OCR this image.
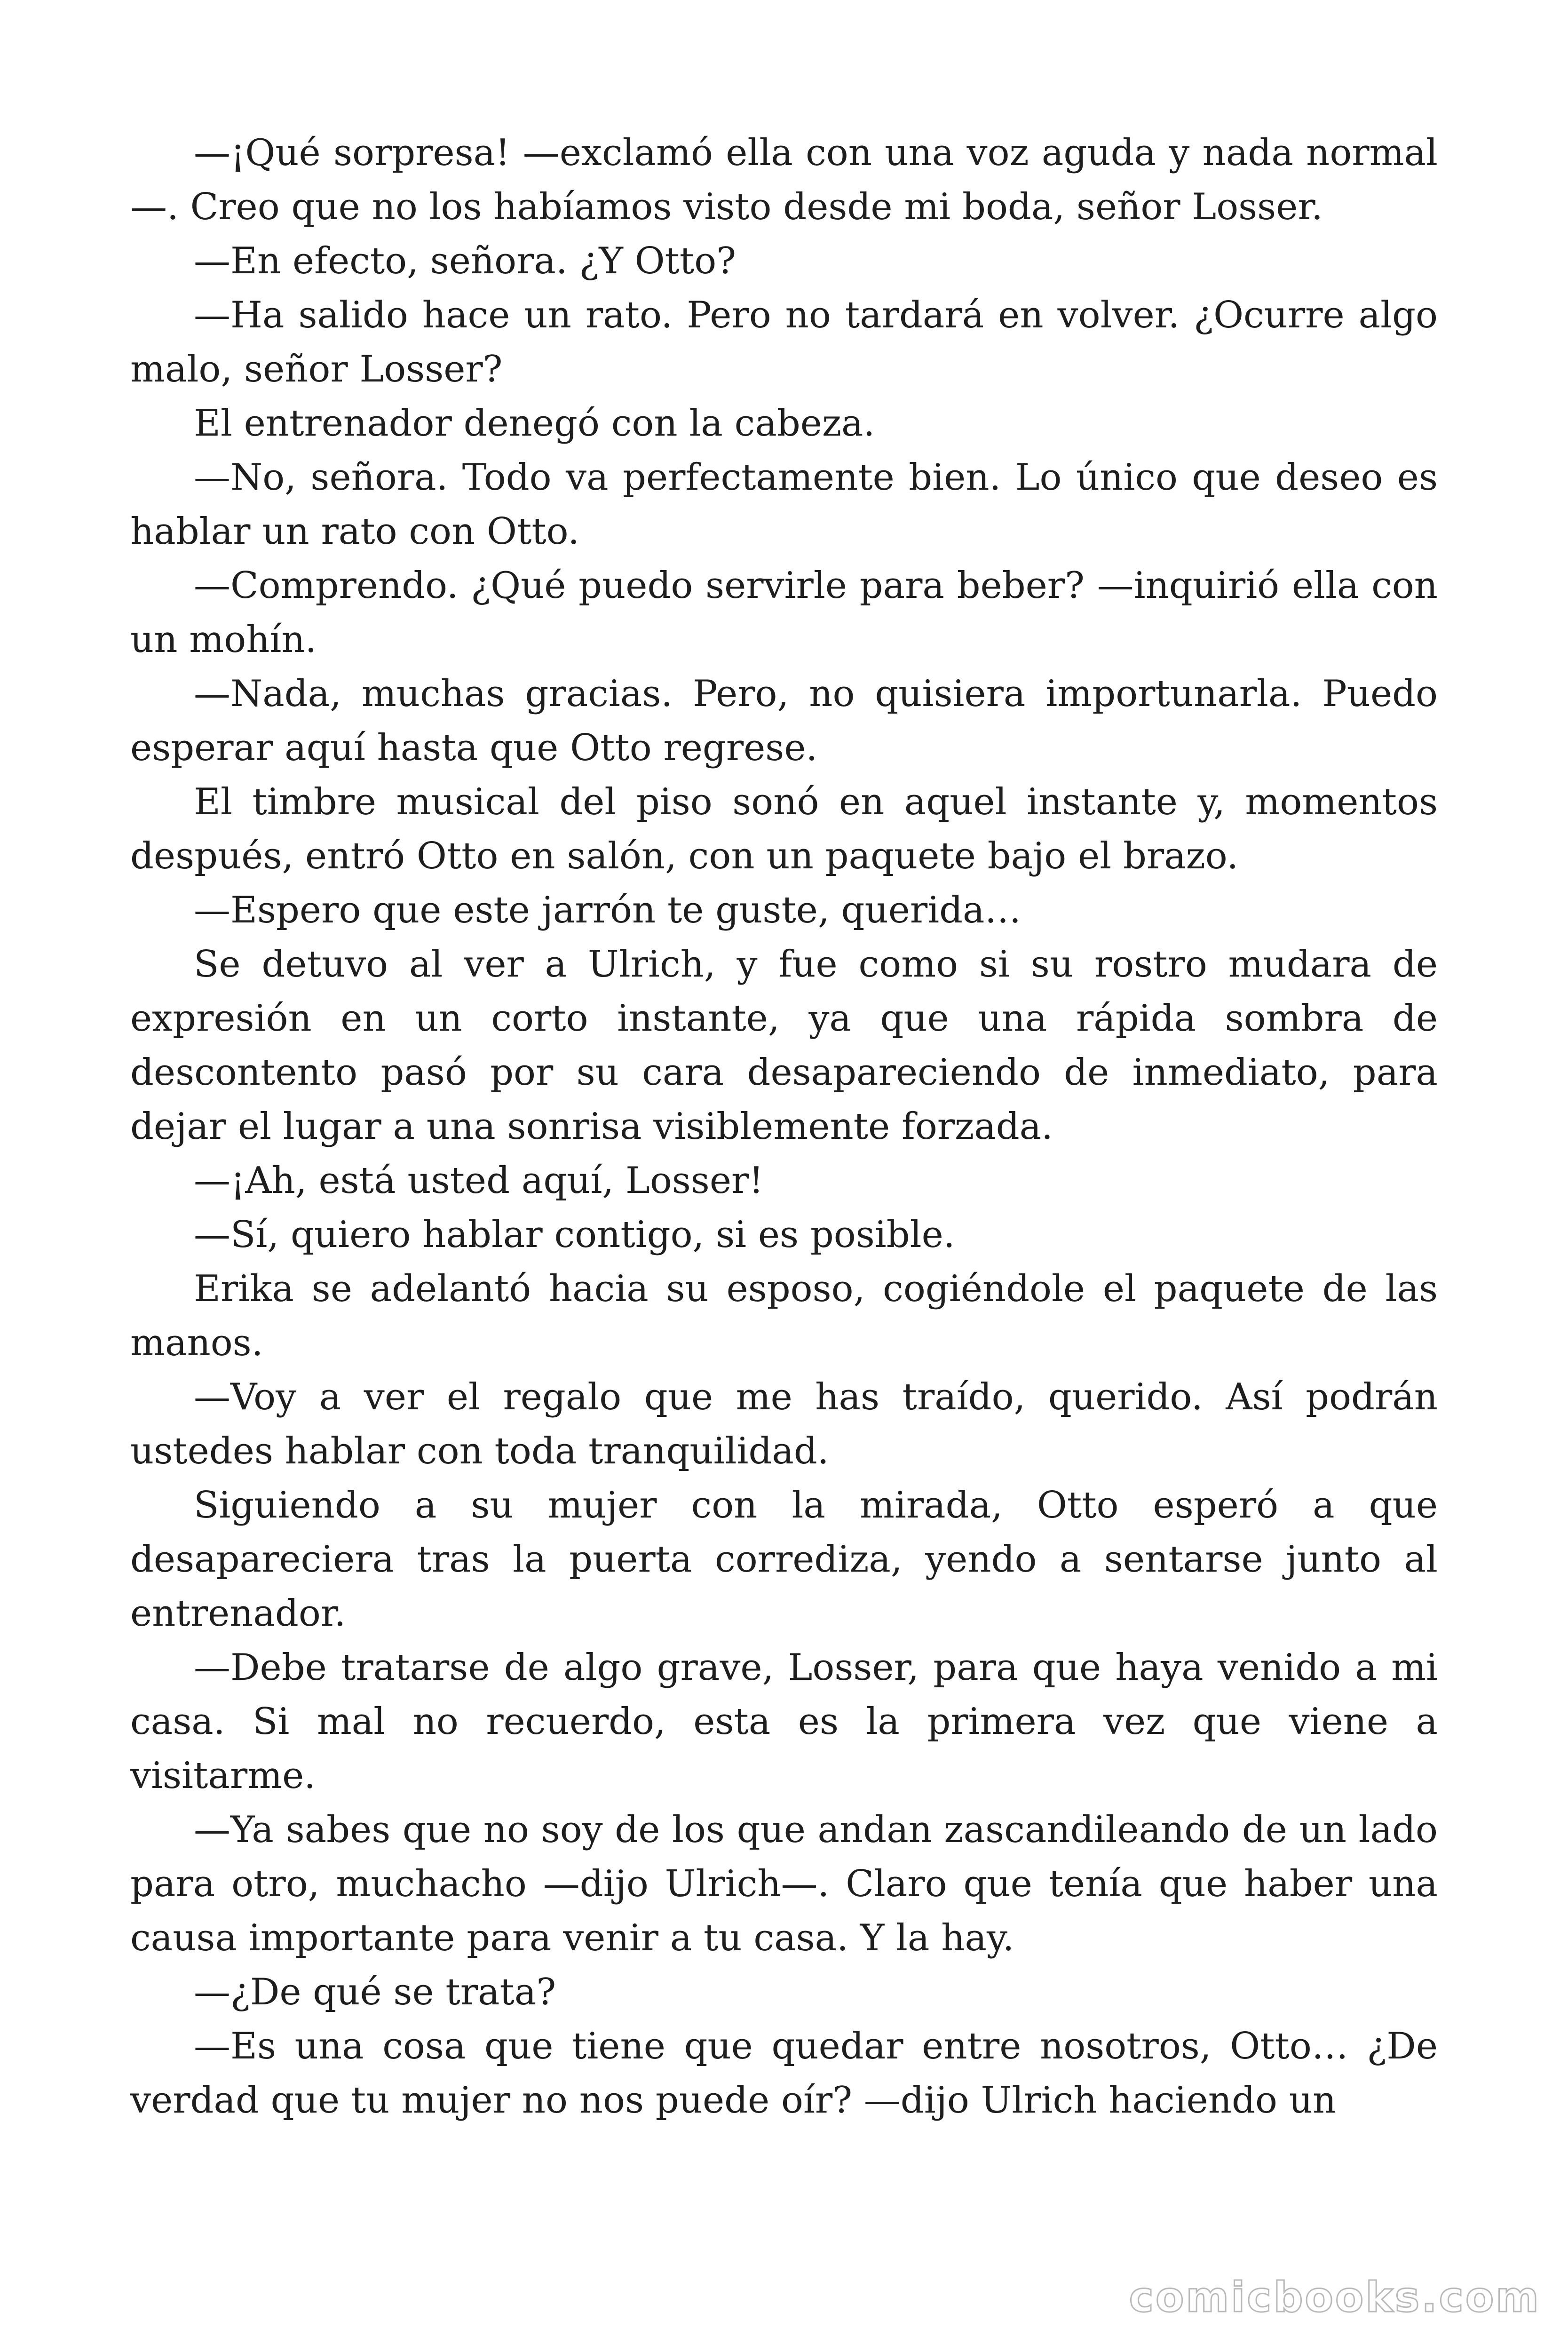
—¡Qué sorpresa! —exclamó ella con una voz aguda y nada normal—. Creo que no los habíamos visto desde mi boda, señor Losser.

—En efecto, señora. ¿Y Otto?

—Ha salido hace un rato. Pero no tardará en volver. ¿Ocurre algo malo, señor Losser?

El entrenador denegó con la cabeza.

—No, señora. Todo va perfectamente bien. Lo único que deseo es hablar un rato con Otto.

—Comprendo. ¿Qué puedo servirle para beber? —inquirió ella con un mohín.

—Nada, muchas gracias. Pero, no quisiera importunarla. Puedo esperar aquí hasta que Otto regrese.

El timbre musical del piso sonó en aquel instante y, momentos después, entró Otto en salón, con un paquete bajo el brazo.

—Espero que este jarrón te guste, querida…

Se detuvo al ver a Ulrich, y fue como si su rostro mudara de expresión en un corto instante, ya que una rápida sombra de descontento pasó por su cara desapareciendo de inmediato, para dejar el lugar a una sonrisa visiblemente forzada.

—¡Ah, está usted aquí, Losser!

—Sí, quiero hablar contigo, si es posible.

Erika se adelantó hacia su esposo, cogiéndole el paquete de las manos.

—Voy a ver el regalo que me has traído, querido. Así podrán ustedes hablar con toda tranquilidad.

Siguiendo a su mujer con la mirada, Otto esperó a que desapareciera tras la puerta corrediza, yendo a sentarse junto al entrenador.

—Debe tratarse de algo grave, Losser, para que haya venido a mi casa. Si mal no recuerdo, esta es la primera vez que viene a visitarme.

—Ya sabes que no soy de los que andan zascandileando de un lado para otro, muchacho —dijo Ulrich—. Claro que tenía que haber una causa importante para venir a tu casa. Y la hay.

—¿De qué se trata?

—Es una cosa que tiene que quedar entre nosotros, Otto… ¿De verdad que tu mujer no nos puede oír? —dijo Ulrich haciendo un

comicbooks.com
